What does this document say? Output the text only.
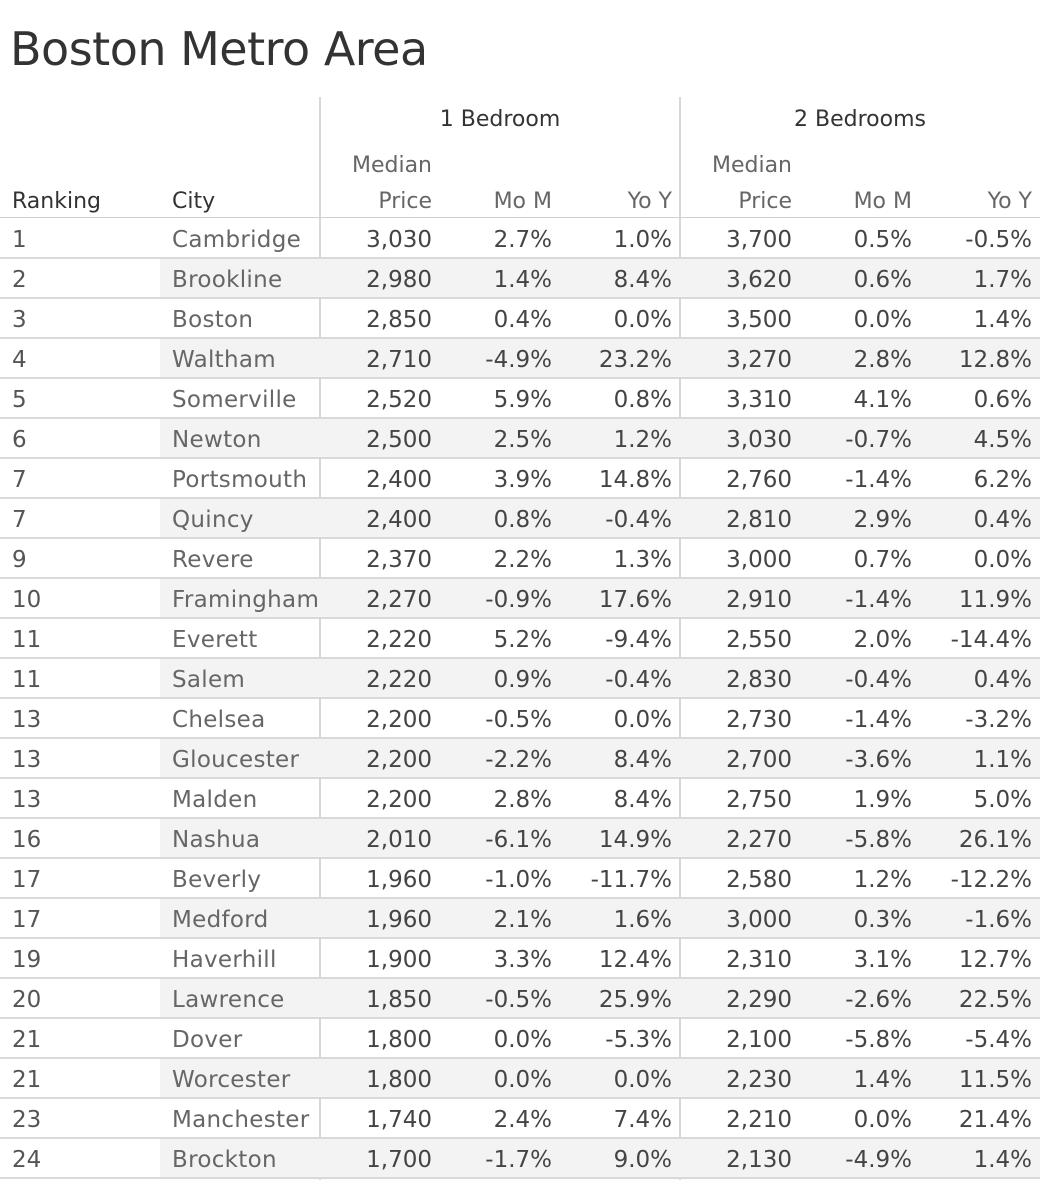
Boston Metro Area
1 Bedroom	2 Bedrooms
Ranking	City
Median
Price	Mo M	Yo Y
Median
Price	Mo M	Yo Y
1	Cambridge	3,030	2.7%	1.0%	3,700	0.5%	-0.5%
2	Brookline	2,980	1.4%	8.4%	3,620	0.6%	1.7%
3	Boston	2,850	0.4%	0.0%	3,500	0.0%	1.4%
4	Waltham	2,710	-4.9%	23.2%	3,270	2.8%	12.8%
5	Somerville	2,520	5.9%	0.8%	3,310	4.1%	0.6%
6	Newton	2,500	2.5%	1.2%	3,030	-0.7%	4.5%
7	Portsmouth	2,400	3.9%	14.8%	2,760	-1.4%	6.2%
7	Quincy	2,400	0.8%	-0.4%	2,810	2.9%	0.4%
9	Revere	2,370	2.2%	1.3%	3,000	0.7%	0.0%
10	Framingham	2,270	-0.9%	17.6%	2,910	-1.4%	11.9%
11	Everett	2,220	5.2%	-9.4%	2,550	2.0%	-14.4%
11	Salem	2,220	0.9%	-0.4%	2,830	-0.4%	0.4%
13	Chelsea	2,200	-0.5%	0.0%	2,730	-1.4%	-3.2%
13	Gloucester	2,200	-2.2%	8.4%	2,700	-3.6%	1.1%
13	Malden	2,200	2.8%	8.4%	2,750	1.9%	5.0%
16	Nashua	2,010	-6.1%	14.9%	2,270	-5.8%	26.1%
17	Beverly	1,960	-1.0%	-11.7%	2,580	1.2%	-12.2%
17	Medford	1,960	2.1%	1.6%	3,000	0.3%	-1.6%
19	Haverhill	1,900	3.3%	12.4%	2,310	3.1%	12.7%
20	Lawrence	1,850	-0.5%	25.9%	2,290	-2.6%	22.5%
21	Dover	1,800	0.0%	-5.3%	2,100	-5.8%	-5.4%
21	Worcester	1,800	0.0%	0.0%	2,230	1.4%	11.5%
23	Manchester	1,740	2.4%	7.4%	2,210	0.0%	21.4%
24	Brockton	1,700	-1.7%	9.0%	2,130	-4.9%	1.4%
